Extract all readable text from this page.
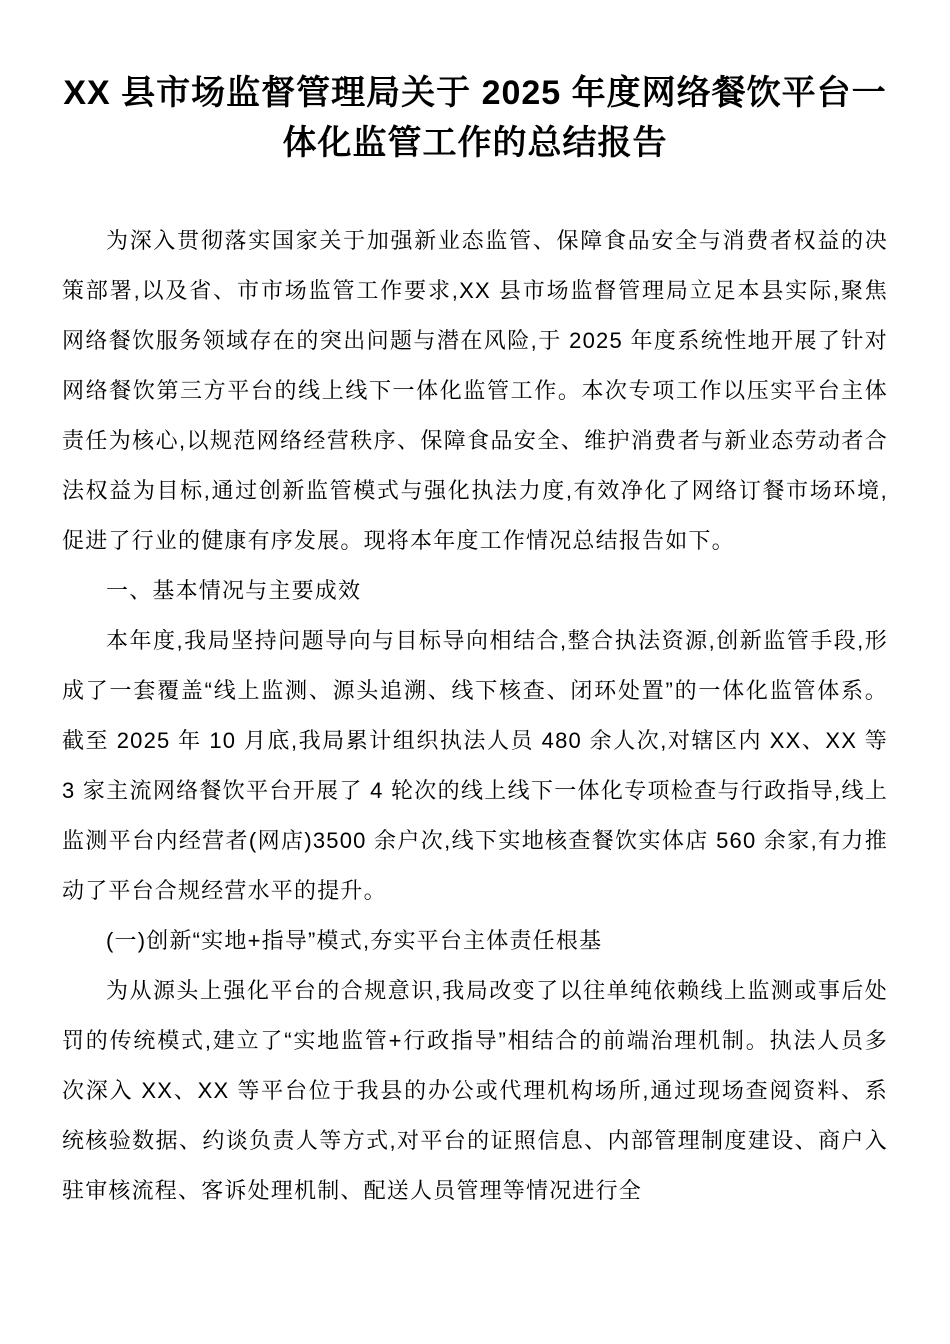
XX 县市场监督管理局关于 2025 年度网络餐饮平台一
体化监管工作的总结报告

为深入贯彻落实国家关于加强新业态监管、保障食品安全与消费者权益的决策部署,以及省、市市场监管工作要求,XX 县市场监督管理局立足本县实际,聚焦网络餐饮服务领域存在的突出问题与潜在风险,于 2025 年度系统性地开展了针对网络餐饮第三方平台的线上线下一体化监管工作。本次专项工作以压实平台主体责任为核心,以规范网络经营秩序、保障食品安全、维护消费者与新业态劳动者合法权益为目标,通过创新监管模式与强化执法力度,有效净化了网络订餐市场环境,促进了行业的健康有序发展。现将本年度工作情况总结报告如下。

一、基本情况与主要成效

本年度,我局坚持问题导向与目标导向相结合,整合执法资源,创新监管手段,形成了一套覆盖“线上监测、源头追溯、线下核查、闭环处置”的一体化监管体系。截至 2025 年 10 月底,我局累计组织执法人员 480 余人次,对辖区内 XX、XX 等 3 家主流网络餐饮平台开展了 4 轮次的线上线下一体化专项检查与行政指导,线上监测平台内经营者(网店)3500 余户次,线下实地核查餐饮实体店 560 余家,有力推动了平台合规经营水平的提升。

(一)创新“实地+指导”模式,夯实平台主体责任根基

为从源头上强化平台的合规意识,我局改变了以往单纯依赖线上监测或事后处罚的传统模式,建立了“实地监管+行政指导”相结合的前端治理机制。执法人员多次深入 XX、XX 等平台位于我县的办公或代理机构场所,通过现场查阅资料、系统核验数据、约谈负责人等方式,对平台的证照信息、内部管理制度建设、商户入驻审核流程、客诉处理机制、配送人员管理等情况进行全
